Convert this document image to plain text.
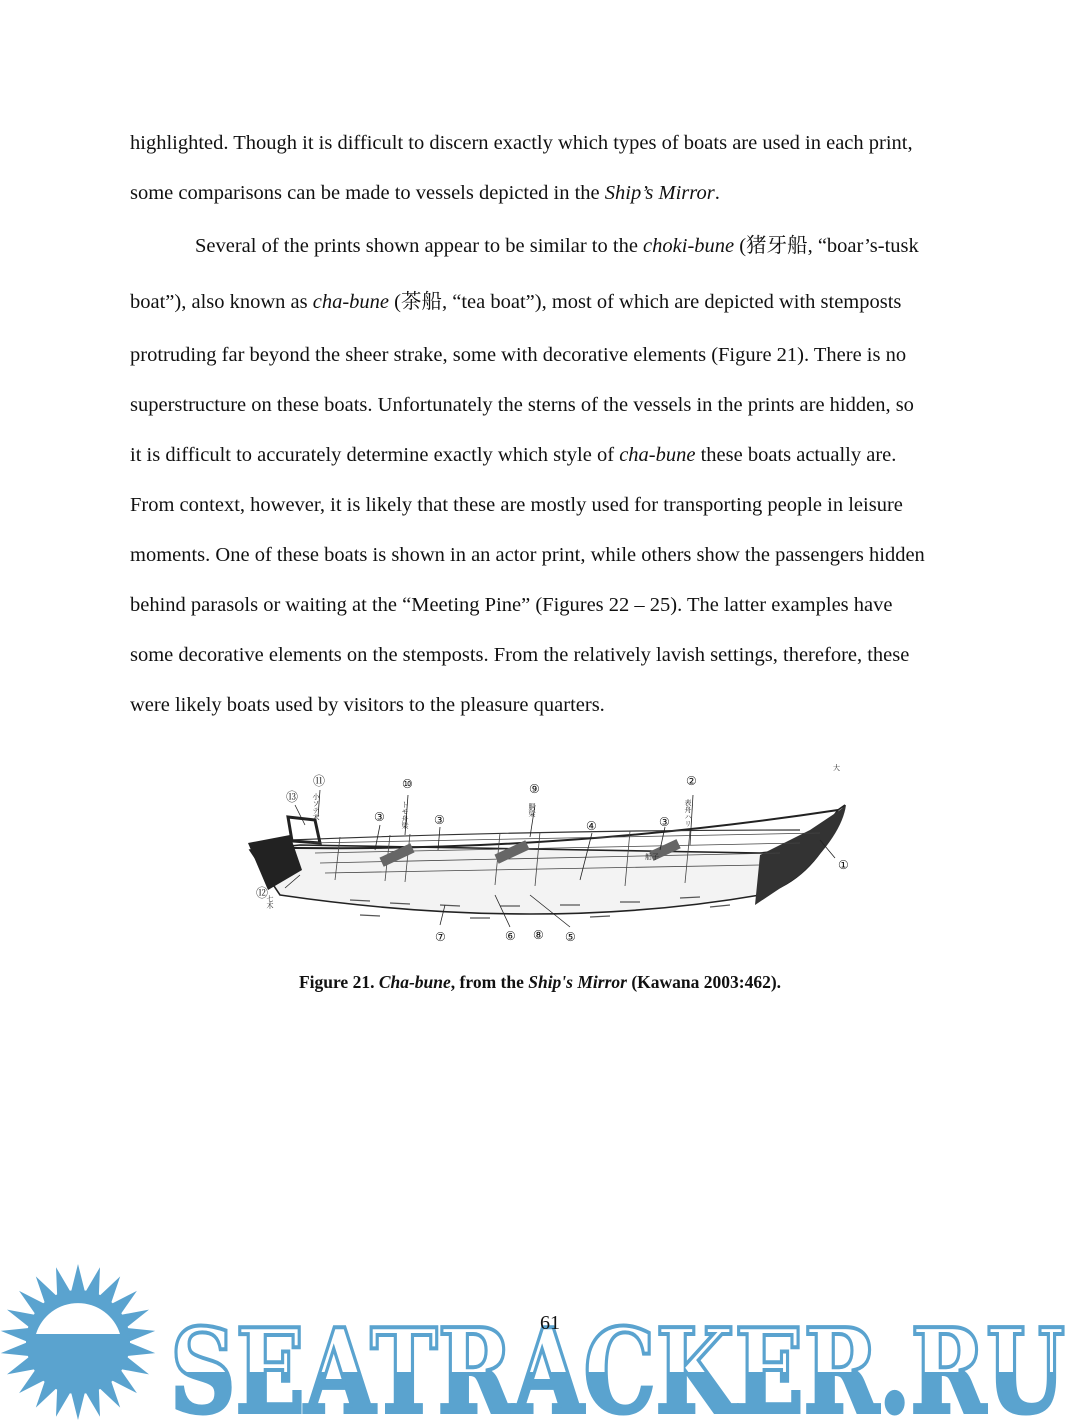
highlighted. Though it is difficult to discern exactly which types of boats are used in each print,
some comparisons can be made to vessels depicted in the Ship’s Mirror.
Several of the prints shown appear to be similar to the choki-bune (猪牙船, “boar’s-tusk
boat”), also known as cha-bune (茶船, “tea boat”), most of which are depicted with stemposts
protruding far beyond the sheer strake, some with decorative elements (Figure 21). There is no
superstructure on these boats. Unfortunately the sterns of the vessels in the prints are hidden, so
it is difficult to accurately determine exactly which style of cha-bune these boats actually are.
From context, however, it is likely that these are mostly used for transporting people in leisure
moments. One of these boats is shown in an actor print, while others show the passengers hidden
behind parasols or waiting at the “Meeting Pine” (Figures 22 – 25). The latter examples have
some decorative elements on the stemposts. From the relatively lavish settings, therefore, these
were likely boats used by visitors to the pleasure quarters.
①
②
③	③	③
④
⑤
⑥
⑦	⑧
⑨
⑩
⑪
⑫
⑬
表舟ハリ
胴梁
トモ舟梁
小ソテ木
七木
船子
大
Figure 21. Cha-bune, from the Ship's Mirror (Kawana 2003:462).
SEATRACKER.RU
61
